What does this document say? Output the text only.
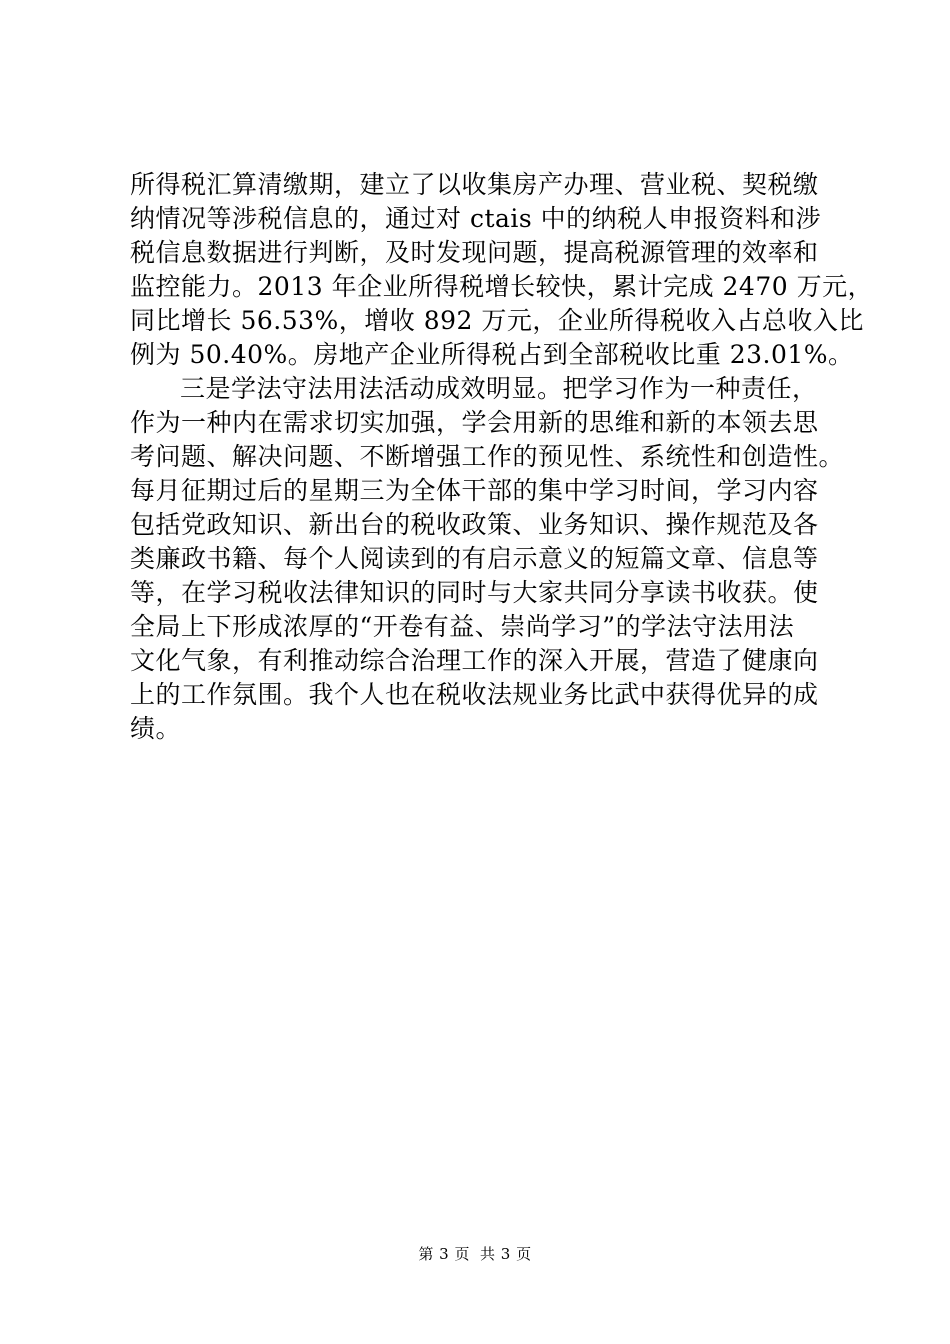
所得税汇算清缴期，建立了以收集房产办理、营业税、契税缴
纳情况等涉税信息的，通过对 ctais 中的纳税人申报资料和涉
税信息数据进行判断，及时发现问题，提高税源管理的效率和
监控能力。2013 年企业所得税增长较快，累计完成 2470 万元，
同比增长 56.53%，增收 892 万元，企业所得税收入占总收入比
例为 50.40%。房地产企业所得税占到全部税收比重 23.01%。
三是学法守法用法活动成效明显。把学习作为一种责任，
作为一种内在需求切实加强，学会用新的思维和新的本领去思
考问题、解决问题、不断增强工作的预见性、系统性和创造性。
每月征期过后的星期三为全体干部的集中学习时间，学习内容
包括党政知识、新出台的税收政策、业务知识、操作规范及各
类廉政书籍、每个人阅读到的有启示意义的短篇文章、信息等
等，在学习税收法律知识的同时与大家共同分享读书收获。使
全局上下形成浓厚的“开卷有益、崇尚学习”的学法守法用法
文化气象，有利推动综合治理工作的深入开展，营造了健康向
上的工作氛围。我个人也在税收法规业务比武中获得优异的成
绩。
第 3 页 共 3 页
